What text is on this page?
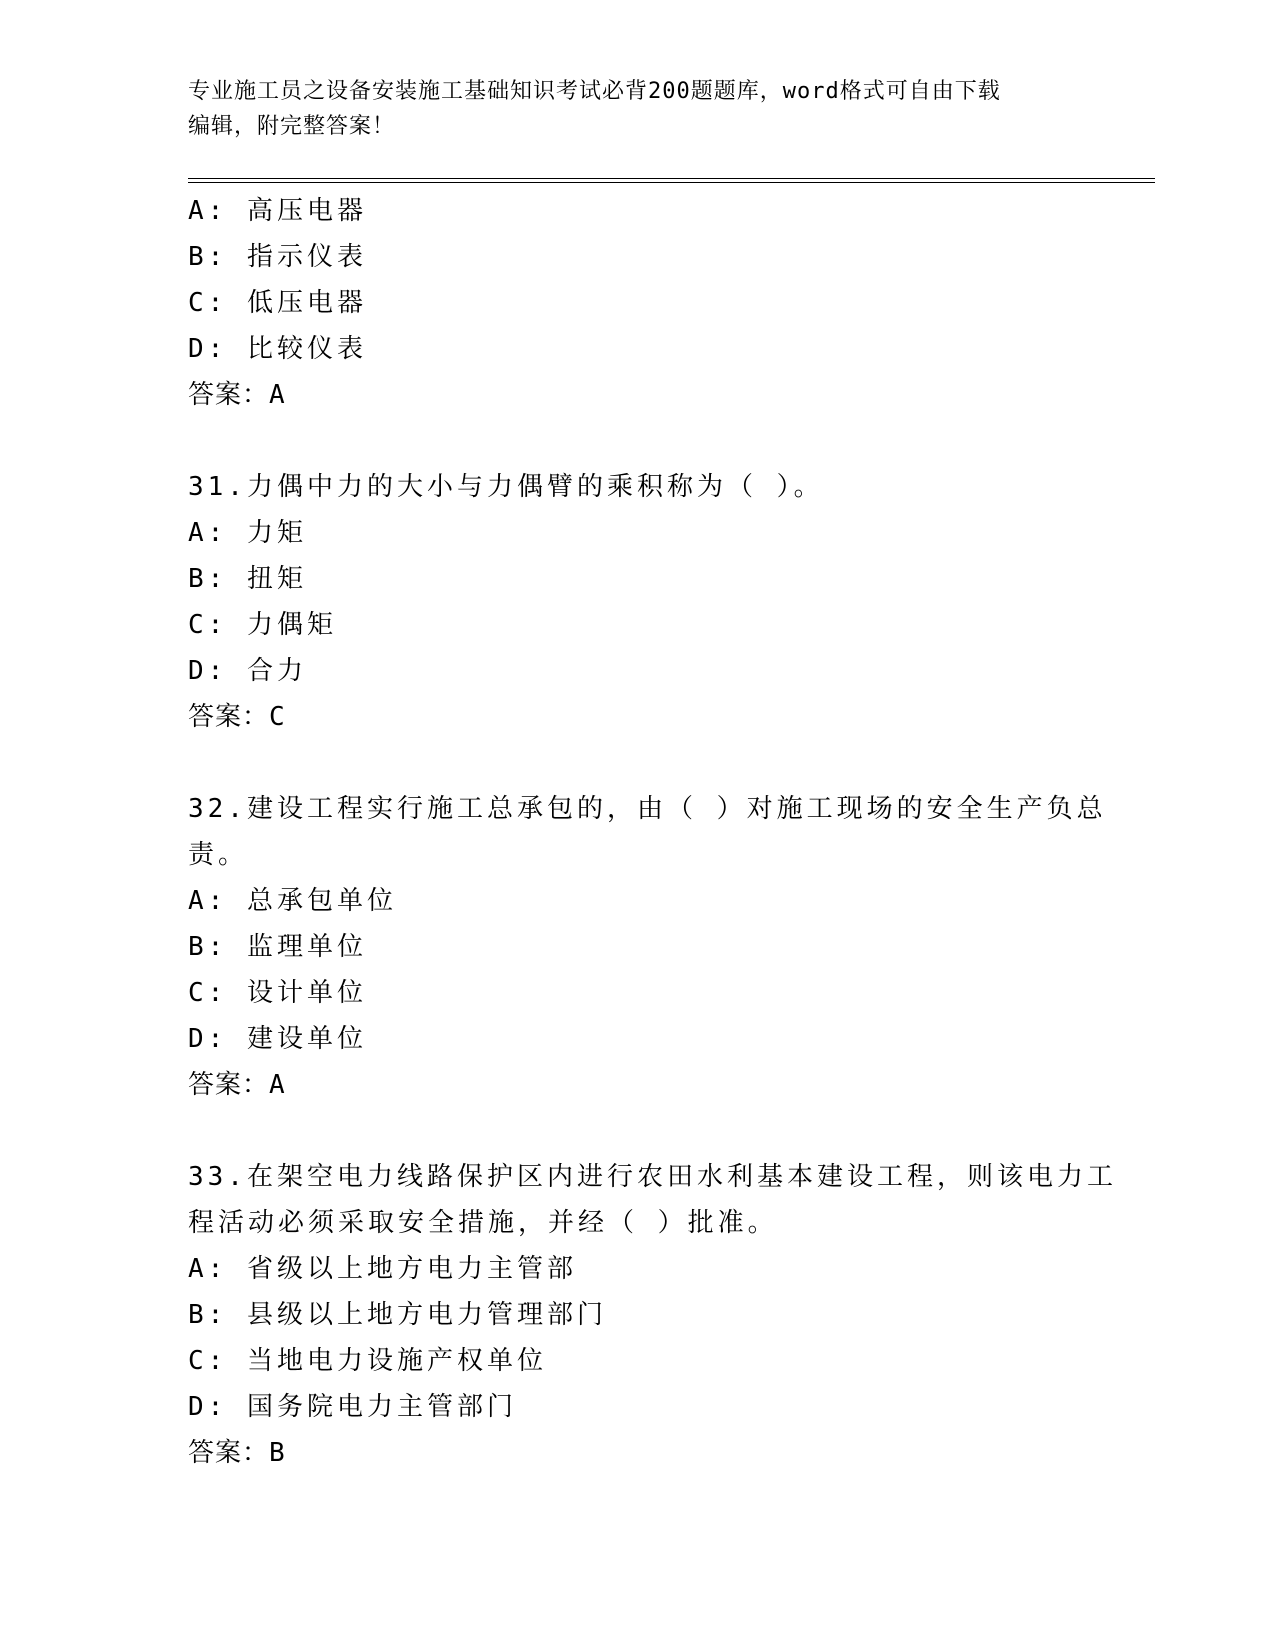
专业施工员之设备安装施工基础知识考试必背200题题库，word格式可自由下载
编辑，附完整答案！
A: 高压电器
B: 指示仪表
C: 低压电器
D: 比较仪表
答案：A
31.力偶中力的大小与力偶臂的乘积称为（ ）。
A: 力矩
B: 扭矩
C: 力偶矩
D: 合力
答案：C
32.建设工程实行施工总承包的，由（ ）对施工现场的安全生产负总
责。
A: 总承包单位
B: 监理单位
C: 设计单位
D: 建设单位
答案：A
33.在架空电力线路保护区内进行农田水利基本建设工程，则该电力工
程活动必须采取安全措施，并经（ ）批准。
A: 省级以上地方电力主管部
B: 县级以上地方电力管理部门
C: 当地电力设施产权单位
D: 国务院电力主管部门
答案：B
